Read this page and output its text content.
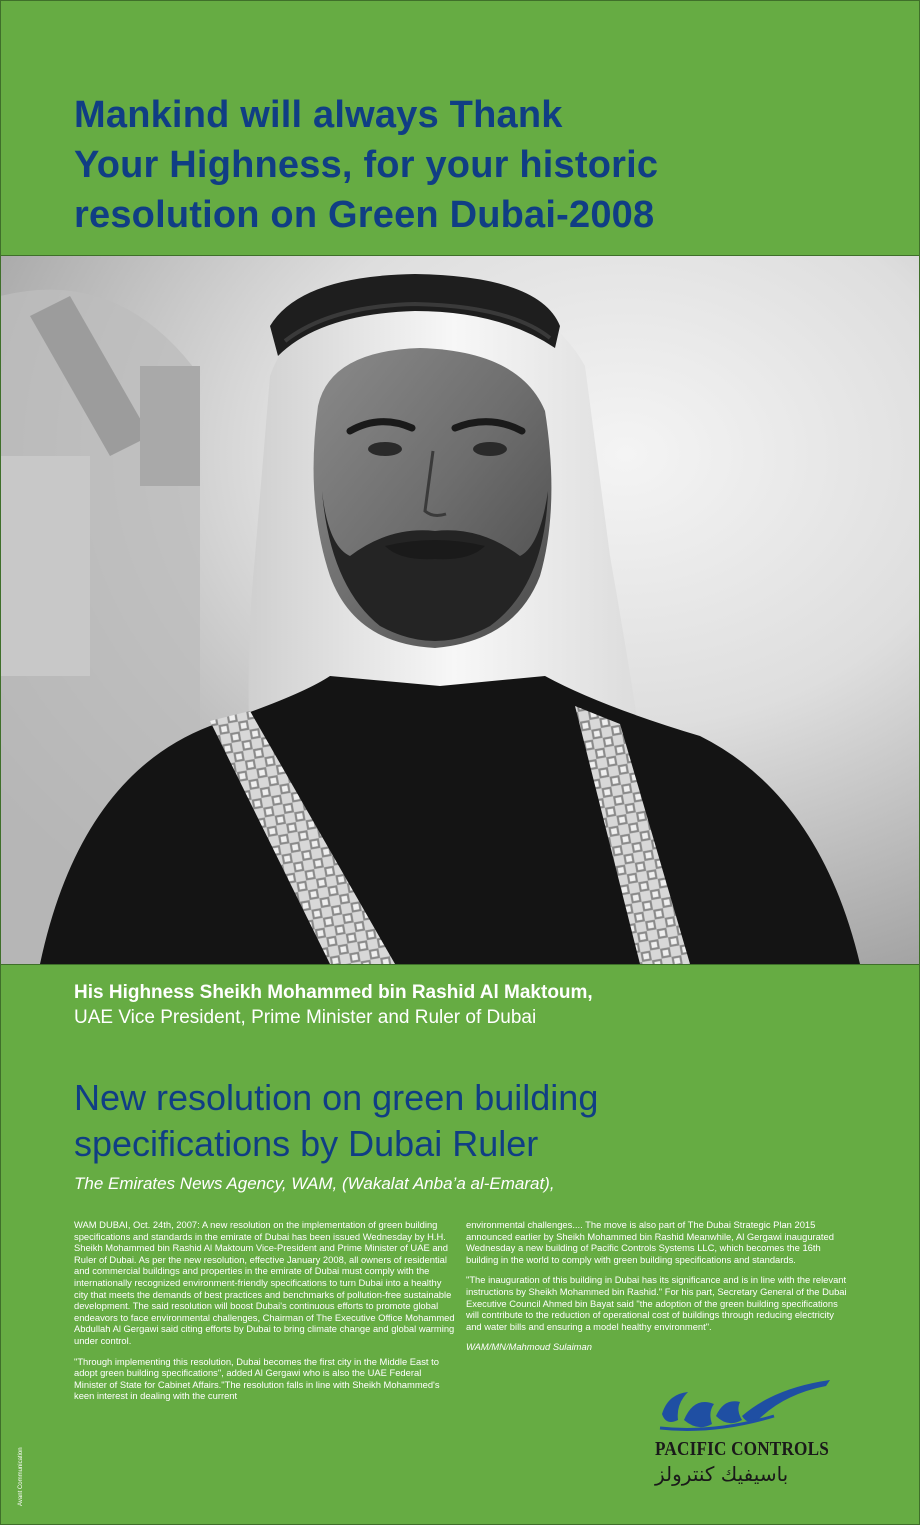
Mankind will always Thank
Your Highness, for your historic
resolution on Green Dubai-2008
His Highness Sheikh Mohammed bin Rashid Al Maktoum,
UAE Vice President, Prime Minister and Ruler of Dubai
New resolution on green building
specifications by Dubai Ruler
The Emirates News Agency, WAM, (Wakalat Anba’a al-Emarat),

WAM DUBAI, Oct. 24th, 2007: A new resolution on the implementation of green building specifications and standards in the emirate of Dubai has been issued Wednesday by H.H. Sheikh Mohammed bin Rashid Al Maktoum Vice-President and Prime Minister of UAE and Ruler of Dubai. As per the new resolution, effective January 2008, all owners of residential and commercial buildings and properties in the emirate of Dubai must comply with the internationally recognized environment-friendly specifications to turn Dubai into a healthy city that meets the demands of best practices and benchmarks of pollution-free sustainable development. The said resolution will boost Dubai's continuous efforts to promote global endeavors to face environmental challenges, Chairman of The Executive Office Mohammed Abdullah Al Gergawi said citing efforts by Dubai to bring climate change and global warming under control.

"Through implementing this resolution, Dubai becomes the first city in the Middle East to adopt green building specifications", added Al Gergawi who is also the UAE Federal Minister of State for Cabinet Affairs."The resolution falls in line with Sheikh Mohammed's keen interest in dealing with the current

environmental challenges.... The move is also part of The Dubai Strategic Plan 2015 announced earlier by Sheikh Mohammed bin Rashid Meanwhile, Al Gergawi inaugurated Wednesday a new building of Pacific Controls Systems LLC, which becomes the 16th building in the world to comply with green building specifications and standards.

"The inauguration of this building in Dubai has its significance and is in line with the relevant instructions by Sheikh Mohammed bin Rashid." For his part, Secretary General of the Dubai Executive Council Ahmed bin Bayat said "the adoption of the green building specifications will contribute to the reduction of operational cost of buildings through reducing electricity and water bills and ensuring a model healthy environment".

WAM/MN/Mahmoud Sulaiman

Avant Communication	PACIFIC CONTROLS
باسيفيك كنترولز
